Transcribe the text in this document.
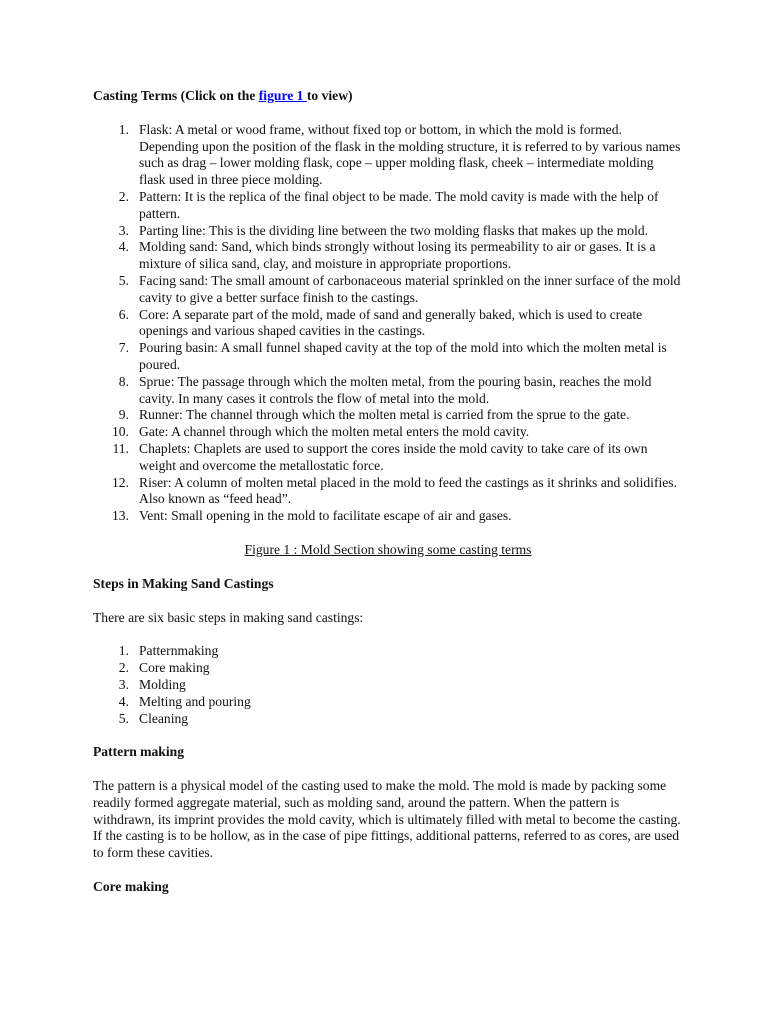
Casting Terms (Click on the figure 1 to view)
1. Flask: A metal or wood frame, without fixed top or bottom, in which the mold is formed. Depending upon the position of the flask in the molding structure, it is referred to by various names such as drag – lower molding flask, cope – upper molding flask, cheek – intermediate molding flask used in three piece molding.
2. Pattern: It is the replica of the final object to be made. The mold cavity is made with the help of pattern.
3. Parting line: This is the dividing line between the two molding flasks that makes up the mold.
4. Molding sand: Sand, which binds strongly without losing its permeability to air or gases. It is a mixture of silica sand, clay, and moisture in appropriate proportions.
5. Facing sand: The small amount of carbonaceous material sprinkled on the inner surface of the mold cavity to give a better surface finish to the castings.
6. Core: A separate part of the mold, made of sand and generally baked, which is used to create openings and various shaped cavities in the castings.
7. Pouring basin: A small funnel shaped cavity at the top of the mold into which the molten metal is poured.
8. Sprue: The passage through which the molten metal, from the pouring basin, reaches the mold cavity. In many cases it controls the flow of metal into the mold.
9. Runner: The channel through which the molten metal is carried from the sprue to the gate.
10. Gate: A channel through which the molten metal enters the mold cavity.
11. Chaplets: Chaplets are used to support the cores inside the mold cavity to take care of its own weight and overcome the metallostatic force.
12. Riser: A column of molten metal placed in the mold to feed the castings as it shrinks and solidifies. Also known as “feed head”.
13. Vent: Small opening in the mold to facilitate escape of air and gases.
Figure 1 : Mold Section showing some casting terms
Steps in Making Sand Castings

There are six basic steps in making sand castings:

1. Patternmaking
2. Core making
3. Molding
4. Melting and pouring
5. Cleaning
Pattern making

The pattern is a physical model of the casting used to make the mold. The mold is made by packing some readily formed aggregate material, such as molding sand, around the pattern. When the pattern is withdrawn, its imprint provides the mold cavity, which is ultimately filled with metal to become the casting. If the casting is to be hollow, as in the case of pipe fittings, additional patterns, referred to as cores, are used to form these cavities.

Core making
